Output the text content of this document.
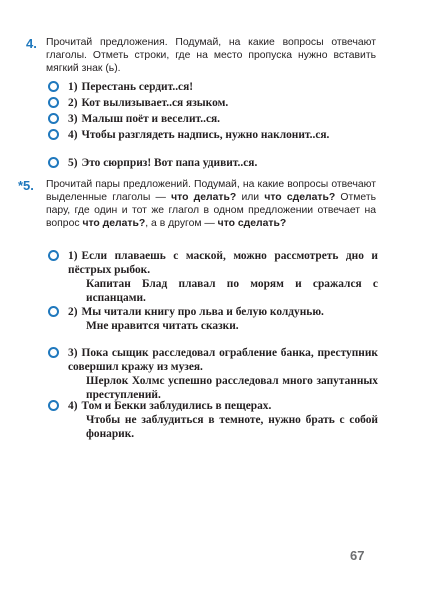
4. Прочитай предложения. Подумай, на какие вопросы отвечают глаголы. Отметь строки, где на место пропуска нужно вставить мягкий знак (ь).
1) Перестань сердит..ся!
2) Кот вылизывает..ся языком.
3) Малыш поёт и веселит..ся.
4) Чтобы разглядеть надпись, нужно наклонит..ся.
5) Это сюрприз! Вот папа удивит..ся.
*5. Прочитай пары предложений. Подумай, на какие вопросы отвечают выделенные глаголы — что делать? или что сделать? Отметь пару, где один и тот же глагол в одном предложении отвечает на вопрос что делать?, а в другом — что сделать?
1) Если плаваешь с маской, можно рассмотреть дно и пёстрых рыбок.
Капитан Блад плавал по морям и сражался с испанцами.
2) Мы читали книгу про льва и белую колдунью.
Мне нравится читать сказки.
3) Пока сыщик расследовал ограбление банка, преступник совершил кражу из музея.
Шерлок Холмс успешно расследовал много запутанных преступлений.
4) Том и Бекки заблудились в пещерах.
Чтобы не заблудиться в темноте, нужно брать с собой фонарик.
67
